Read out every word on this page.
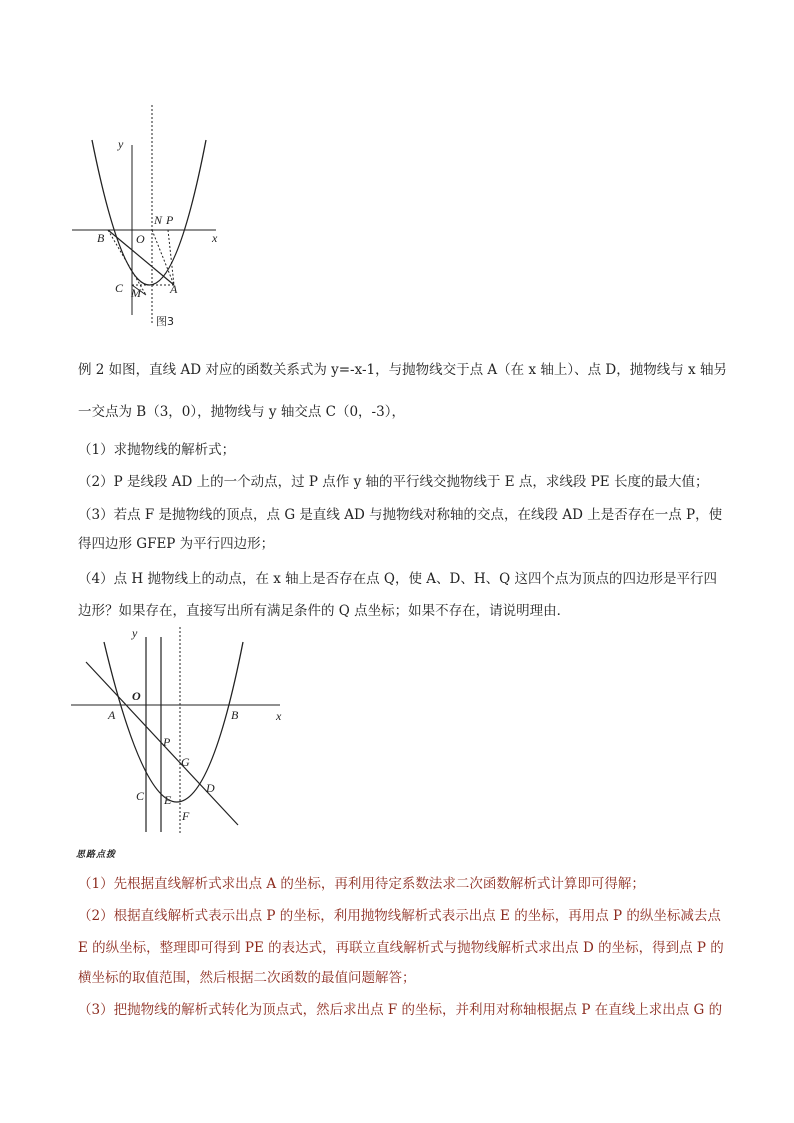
y
x
N P
B	O
C M A
图3
例 2 如图，直线 AD 对应的函数关系式为 y=-x-1，与抛物线交于点 A（在 x 轴上）、点 D，抛物线与 x 轴另
一交点为 B（3，0），抛物线与 y 轴交点 C（0，-3），
（1）求抛物线的解析式；
（2）P 是线段 AD 上的一个动点，过 P 点作 y 轴的平行线交抛物线于 E 点，求线段 PE 长度的最大值；
（3）若点 F 是抛物线的顶点，点 G 是直线 AD 与抛物线对称轴的交点，在线段 AD 上是否存在一点 P，使
得四边形 GFEP 为平行四边形；
（4）点 H 抛物线上的动点，在 x 轴上是否存在点 Q，使 A、D、H、Q 这四个点为顶点的四边形是平行四
边形？如果存在，直接写出所有满足条件的 Q 点坐标；如果不存在，请说明理由．
y
x
O
A	B
P
G
D
C E
F
思路点拨
（1）先根据直线解析式求出点 A 的坐标，再利用待定系数法求二次函数解析式计算即可得解；
（2）根据直线解析式表示出点 P 的坐标，利用抛物线解析式表示出点 E 的坐标，再用点 P 的纵坐标减去点
E 的纵坐标，整理即可得到 PE 的表达式，再联立直线解析式与抛物线解析式求出点 D 的坐标，得到点 P 的
横坐标的取值范围，然后根据二次函数的最值问题解答；
（3）把抛物线的解析式转化为顶点式，然后求出点 F 的坐标，并利用对称轴根据点 P 在直线上求出点 G 的
